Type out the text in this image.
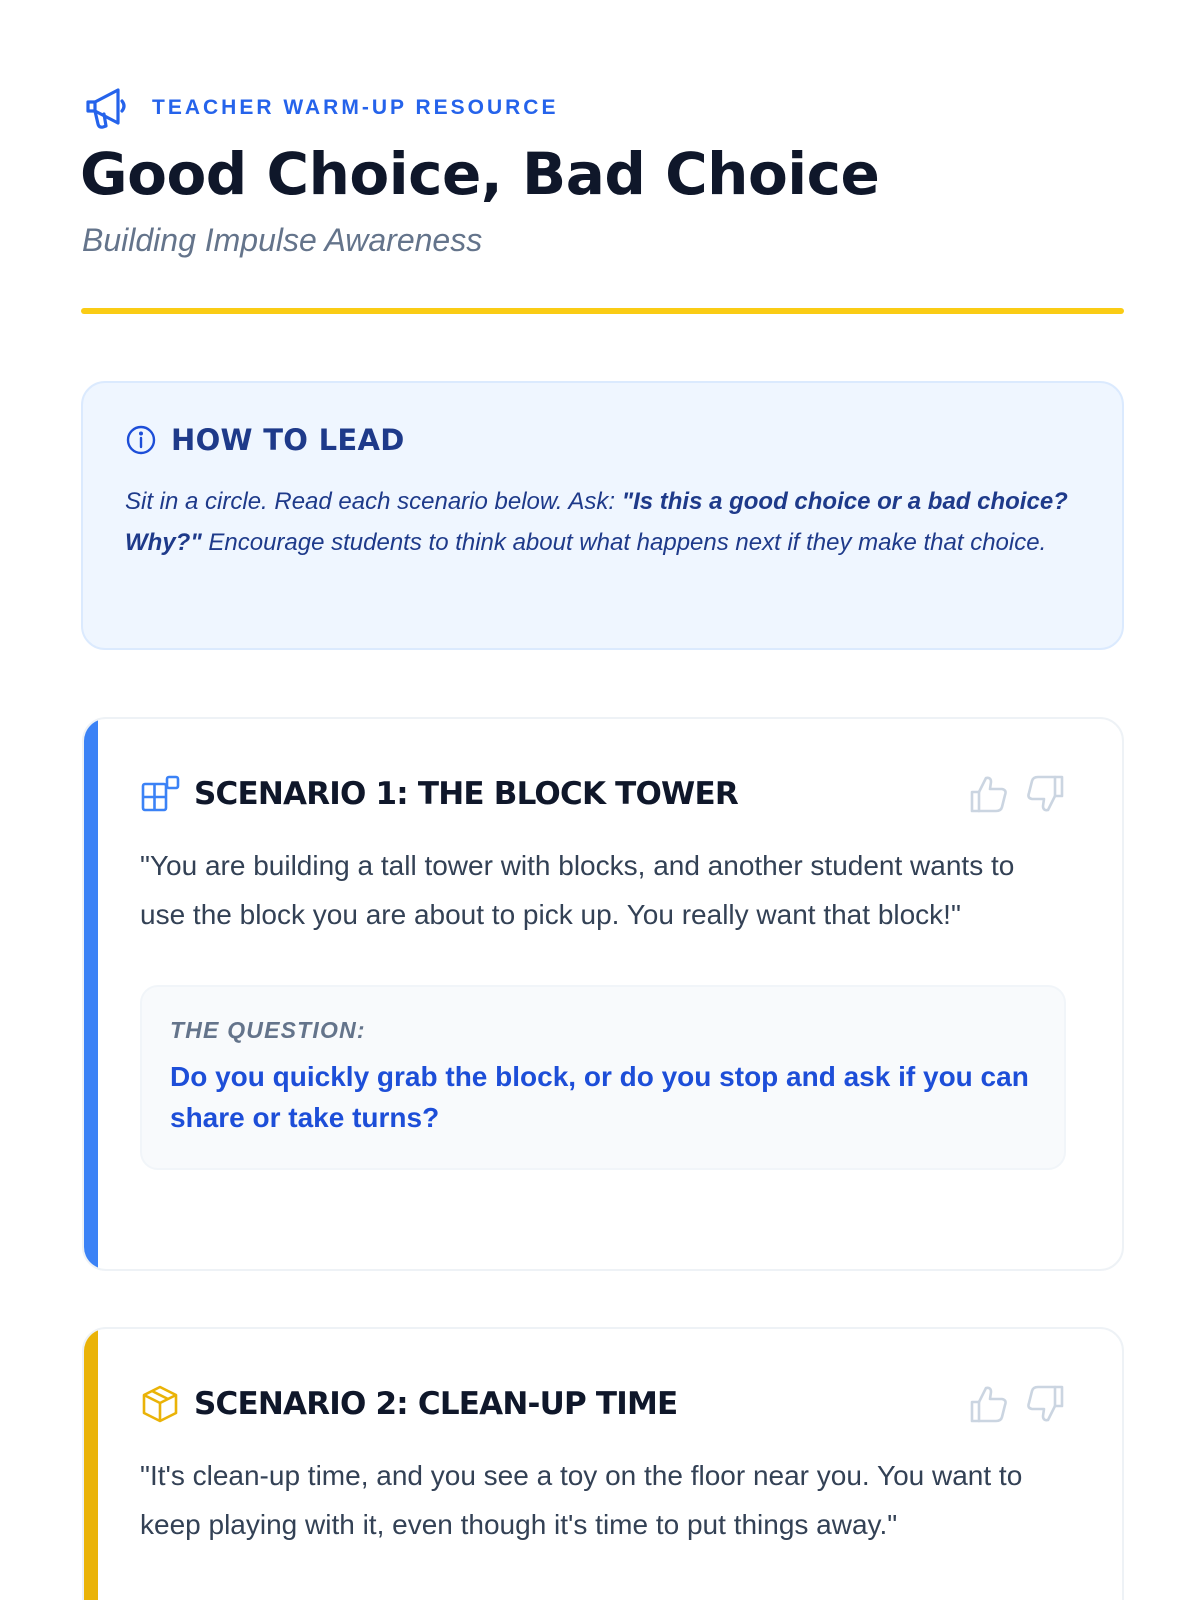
TEACHER WARM-UP RESOURCE
Good Choice, Bad Choice
Building Impulse Awareness
HOW TO LEAD

Sit in a circle. Read each scenario below. Ask: "Is this a good choice or a bad choice? Why?" Encourage students to think about what happens next if they make that choice.

SCENARIO 1: THE BLOCK TOWER

"You are building a tall tower with blocks, and another student wants to use the block you are about to pick up. You really want that block!"

THE QUESTION:
Do you quickly grab the block, or do you stop and ask if you can share or take turns?
SCENARIO 2: CLEAN-UP TIME

"It's clean-up time, and you see a toy on the floor near you. You want to keep playing with it, even though it's time to put things away."
